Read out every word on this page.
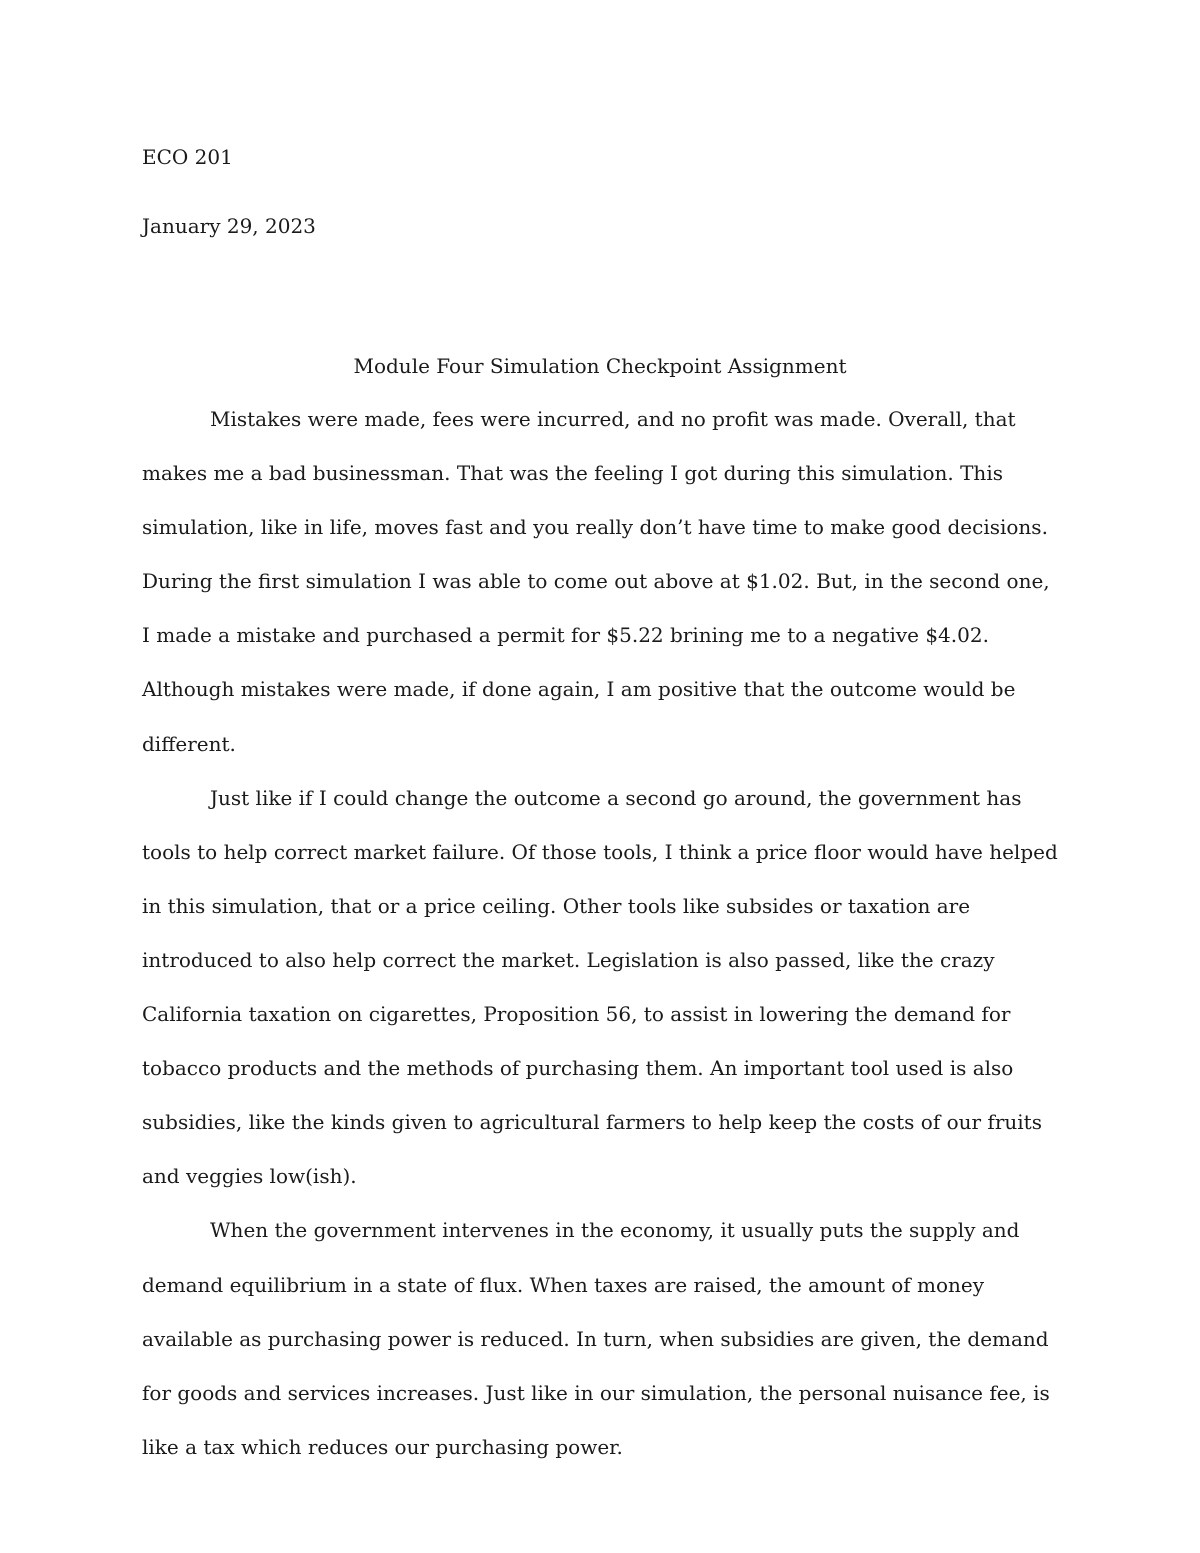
ECO 201
January 29, 2023
Module Four Simulation Checkpoint Assignment

Mistakes were made, fees were incurred, and no profit was made. Overall, that makes me a bad businessman. That was the feeling I got during this simulation. This simulation, like in life, moves fast and you really don’t have time to make good decisions. During the first simulation I was able to come out above at $1.02. But, in the second one, I made a mistake and purchased a permit for $5.22 brining me to a negative $4.02. Although mistakes were made, if done again, I am positive that the outcome would be different.

Just like if I could change the outcome a second go around, the government has tools to help correct market failure. Of those tools, I think a price floor would have helped in this simulation, that or a price ceiling. Other tools like subsides or taxation are introduced to also help correct the market. Legislation is also passed, like the crazy California taxation on cigarettes, Proposition 56, to assist in lowering the demand for tobacco products and the methods of purchasing them. An important tool used is also subsidies, like the kinds given to agricultural farmers to help keep the costs of our fruits and veggies low(ish).

When the government intervenes in the economy, it usually puts the supply and demand equilibrium in a state of flux. When taxes are raised, the amount of money available as purchasing power is reduced. In turn, when subsidies are given, the demand for goods and services increases. Just like in our simulation, the personal nuisance fee, is like a tax which reduces our purchasing power.
